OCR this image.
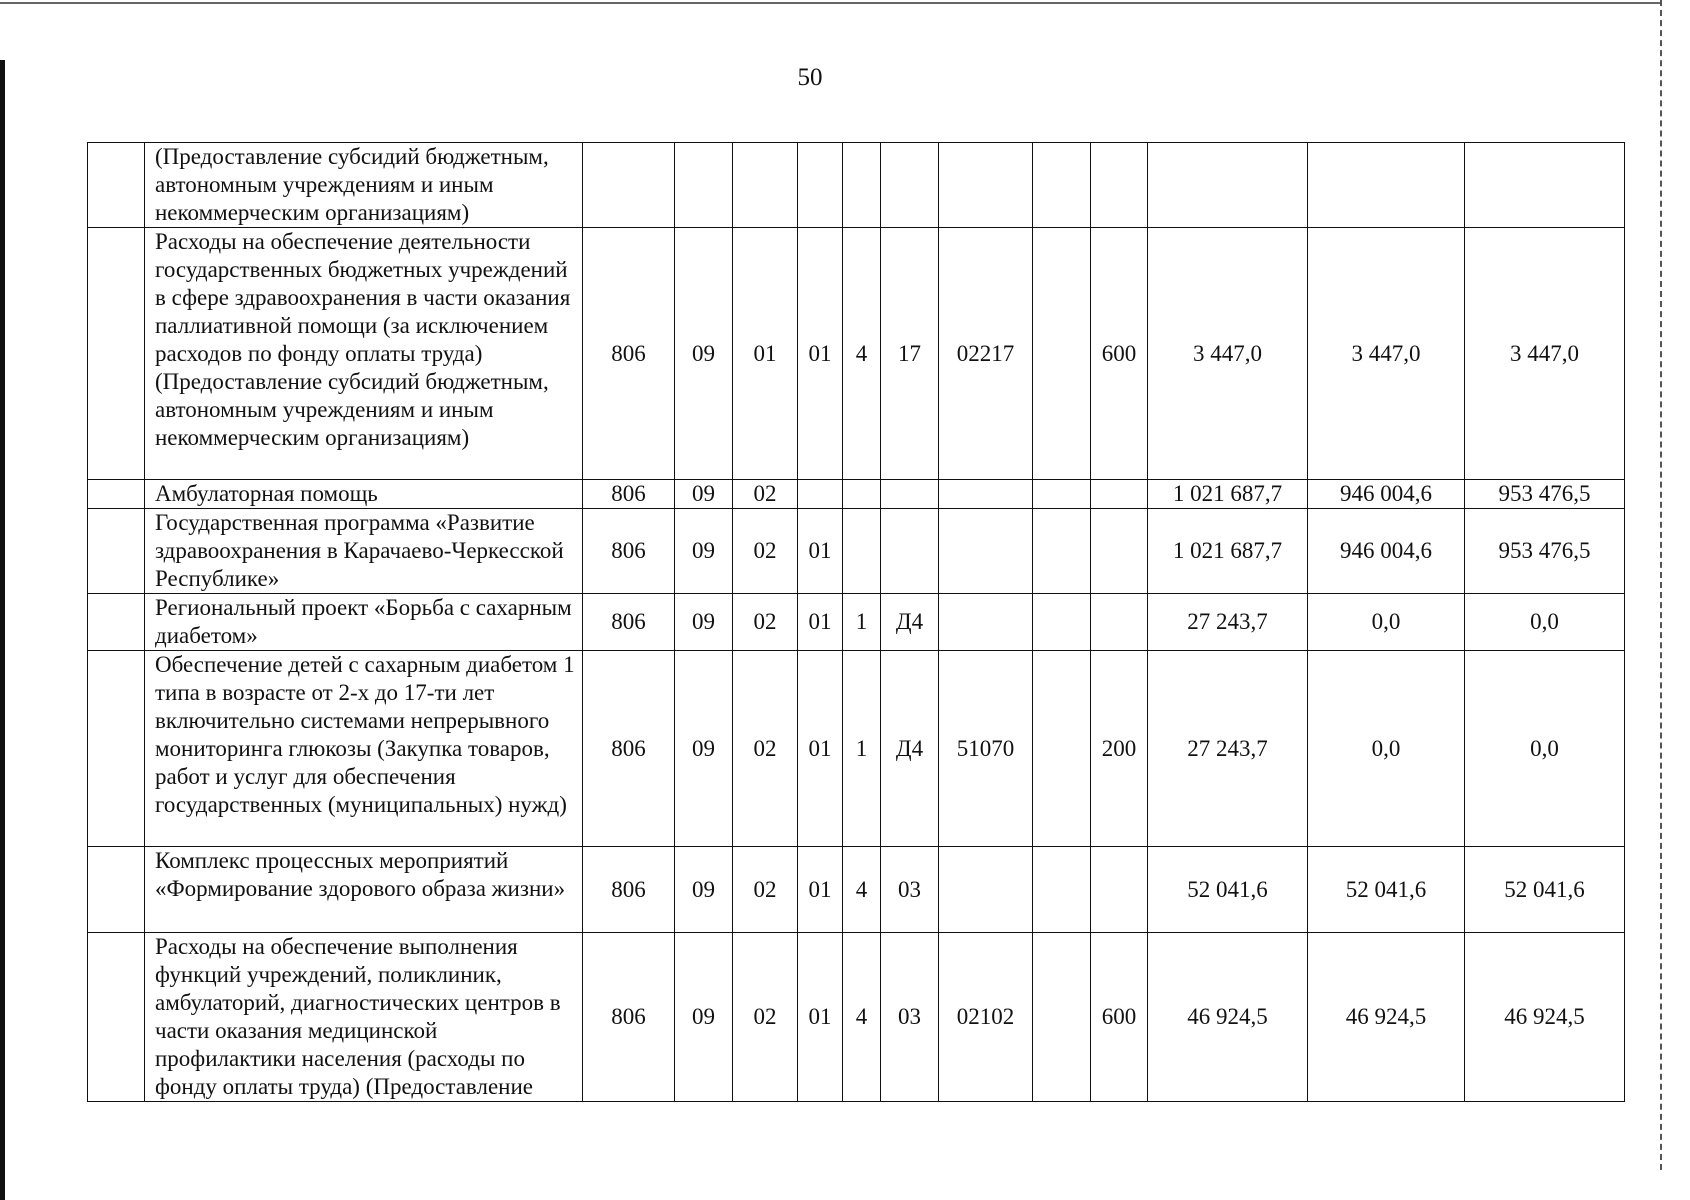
50
	(Предоставление субсидий бюджетным, автономным учреждениям и иным некоммерческим организациям)												
	Расходы на обеспечение деятельности государственных бюджетных учреждений в сфере здравоохранения в части оказания паллиативной помощи (за исключением расходов по фонду оплаты труда) (Предоставление субсидий бюджетным, автономным учреждениям и иным некоммерческим организациям)	806	09	01	01	4	17	02217		600	3 447,0	3 447,0	3 447,0
	Амбулаторная помощь	806	09	02							1 021 687,7	946 004,6	953 476,5
	Государственная программа «Развитие здравоохранения в Карачаево-Черкесской Республике»	806	09	02	01						1 021 687,7	946 004,6	953 476,5
	Региональный проект «Борьба с сахарным диабетом»	806	09	02	01	1	Д4				27 243,7	0,0	0,0
	Обеспечение детей с сахарным диабетом 1 типа в возрасте от 2-х до 17-ти лет включительно системами непрерывного мониторинга глюкозы (Закупка товаров, работ и услуг для обеспечения государственных (муниципальных) нужд)	806	09	02	01	1	Д4	51070		200	27 243,7	0,0	0,0
	Комплекс процессных мероприятий «Формирование здорового образа жизни»	806	09	02	01	4	03				52 041,6	52 041,6	52 041,6
	Расходы на обеспечение выполнения функций учреждений, поликлиник, амбулаторий, диагностических центров в части оказания медицинской профилактики населения (расходы по фонду оплаты труда) (Предоставление	806	09	02	01	4	03	02102		600	46 924,5	46 924,5	46 924,5
